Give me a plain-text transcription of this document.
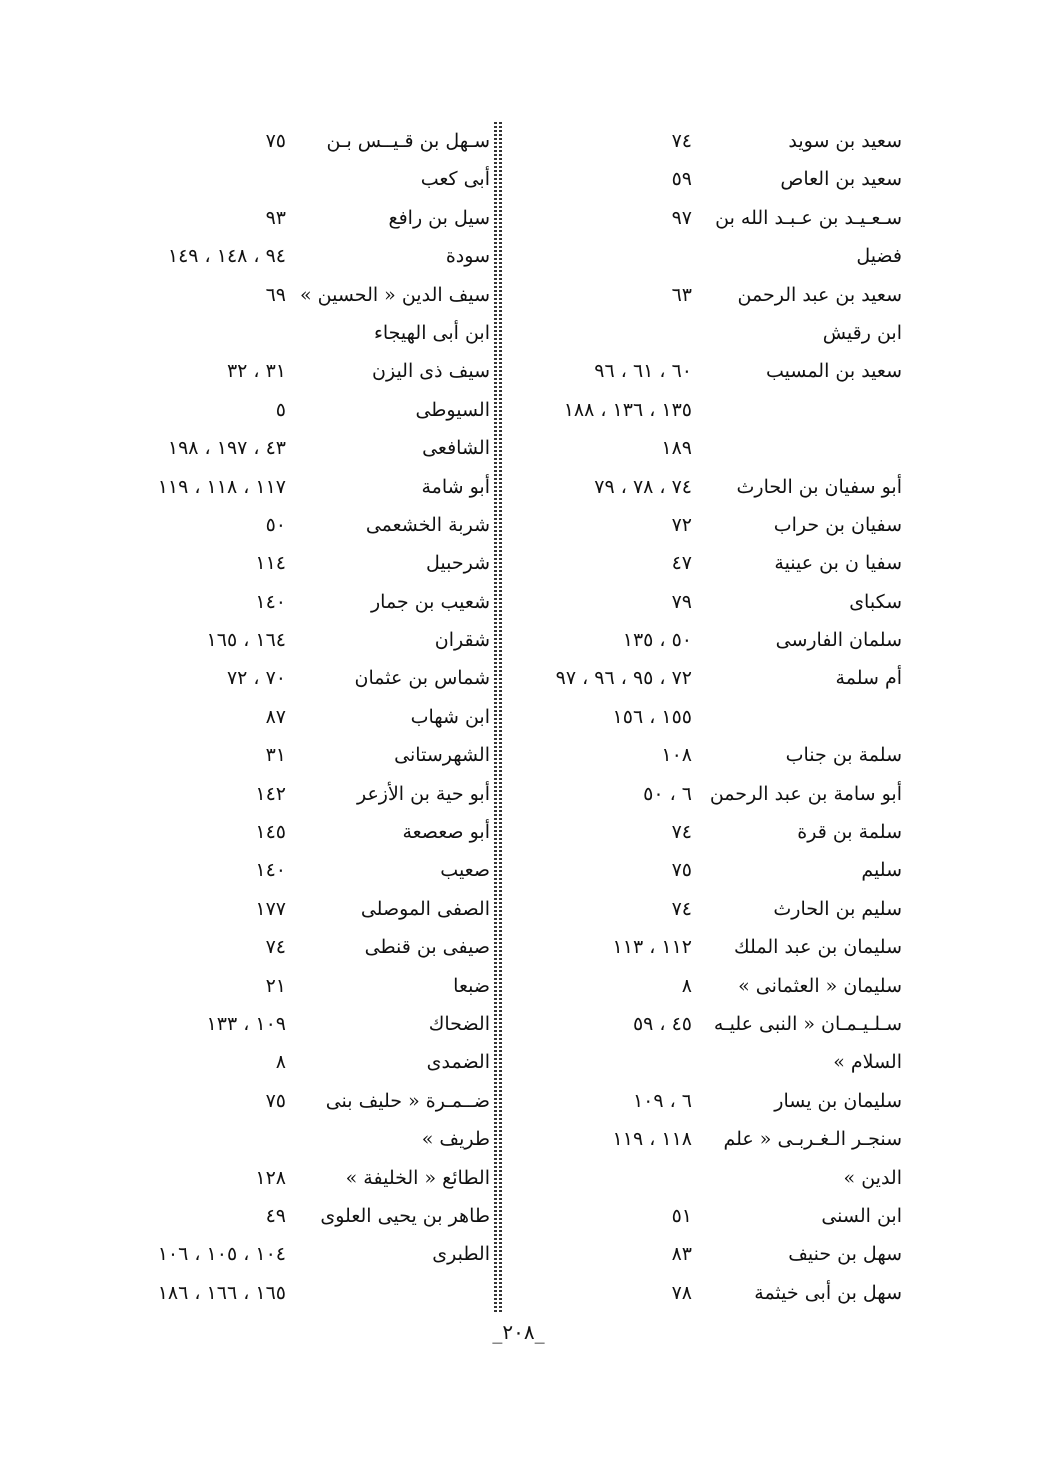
سعيد بن سويد
٧٤
سعيد بن العاص
٥٩
سـعـيـد بن عـبـد الله بن
٩٧
فضيل
سعيد بن عبد الرحمن
٦٣
ابن رقيش
سعيد بن المسيب
٦٠ ، ٦١ ، ٩٦
١٣٥ ، ١٣٦ ، ١٨٨
١٨٩
أبو سفيان بن الحارث
٧٤ ، ٧٨ ، ٧٩
سفيان بن حراب
٧٢
سفيا ن بن عينية
٤٧
سكباى
٧٩
سلمان الفارسى
٥٠ ، ١٣٥
أم سلمة
٧٢ ، ٩٥ ، ٩٦ ، ٩٧
١٥٥ ، ١٥٦
سلمة بن جناب
١٠٨
أبو سامة بن عبد الرحمن
٦ ، ٥٠
سلمة بن قرة
٧٤
سليم
٧٥
سليم بن الحارث
٧٤
سليمان بن عبد الملك
١١٢ ، ١١٣
سليمان « العثمانى »
٨
سـلـيـمـان « النبى عليـه
٤٥ ، ٥٩
السلام »
سليمان بن يسار
٦ ، ١٠٩
سنجـر الـغـربـى « علم
١١٨ ، ١١٩
الدين »
ابن السنى
٥١
سهل بن حنيف
٨٣
سهل بن أبى خيثمة
٧٨
سـهل بن قـيــس بـن
٧٥
أبى كعب
سيل بن رافع
٩٣
سودة
٩٤ ، ١٤٨ ، ١٤٩
سيف الدين « الحسين »
٦٩
ابن أبى الهيجاء
سيف ذى اليزن
٣١ ، ٣٢
السيوطى
٥
الشافعى
٤٣ ، ١٩٧ ، ١٩٨
أبو شامة
١١٧ ، ١١٨ ، ١١٩
شربة الخشعمى
٥٠
شرحبيل
١١٤
شعيب بن جمار
١٤٠
شقران
١٦٤ ، ١٦٥
شماس بن عثمان
٧٠ ، ٧٢
ابن شهاب
٨٧
الشهرستانى
٣١
أبو حية بن الأزعر
١٤٢
أبو صعصعة
١٤٥
صعيب
١٤٠
الصفى الموصلى
١٧٧
صيفى بن قنطى
٧٤
ضبعا
٢١
الضحاك
١٠٩ ، ١٣٣
الضمدى
٨
ضــمـرة « حليف بنى
٧٥
طريف »
الطائع « الخليفة »
١٢٨
طاهر بن يحيى العلوى
٤٩
الطبرى
١٠٤ ، ١٠٥ ، ١٠٦
١٦٥ ، ١٦٦ ، ١٨٦
_٢٠٨_
